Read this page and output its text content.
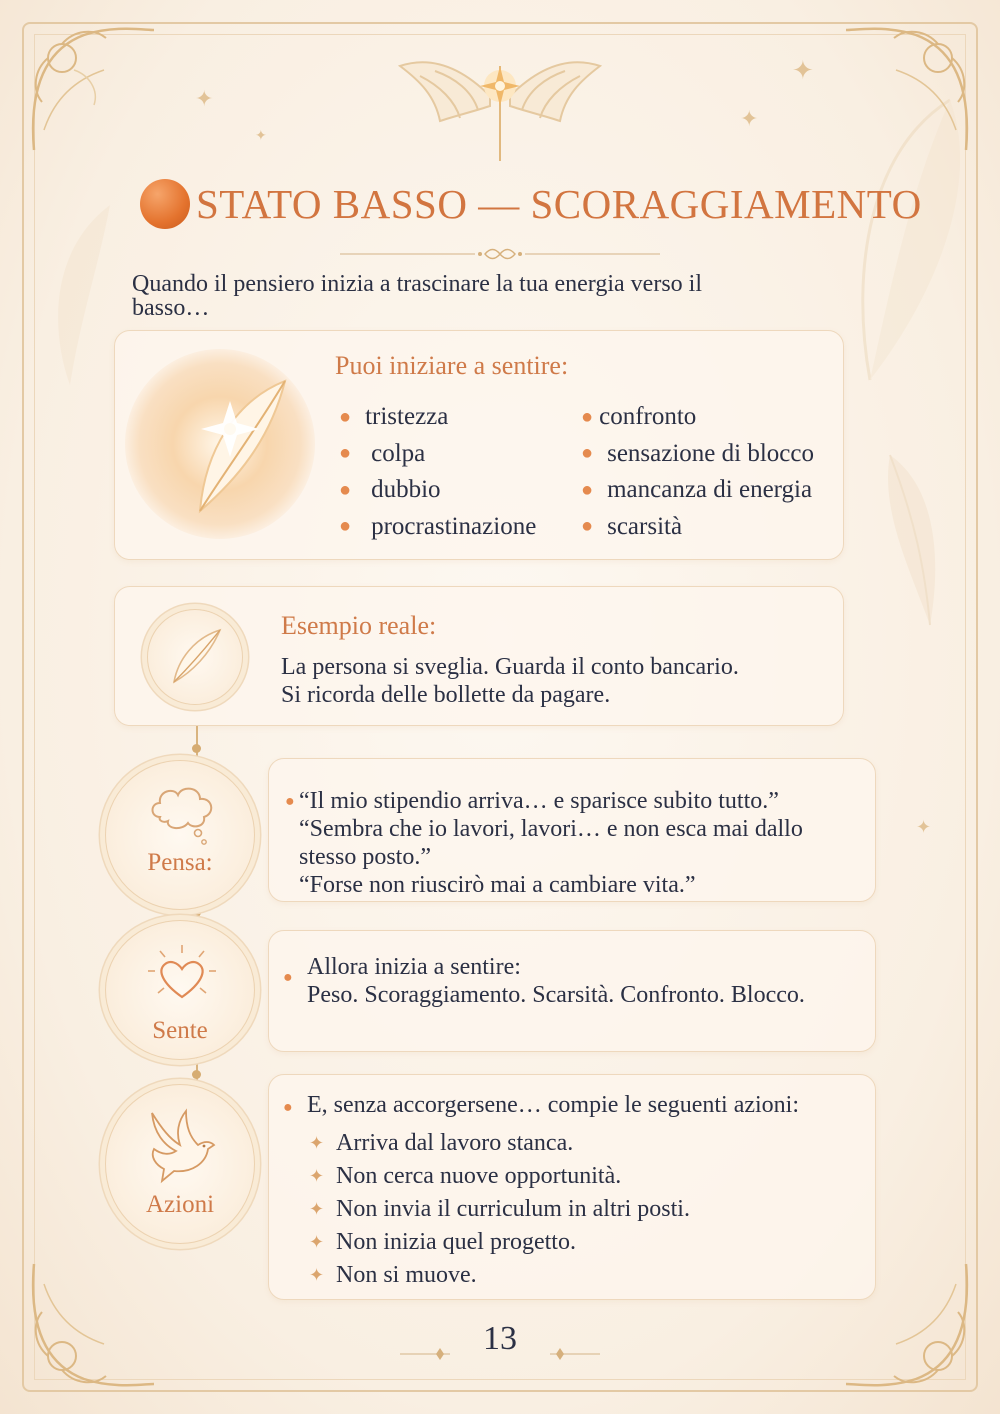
✦
✦
✦
✦
✦
STATO BASSO — SCORAGGIAMENTO
Quando il pensiero inizia a trascinare la tua energia verso il
basso…
Puoi iniziare a sentire:
● tristezza
● colpa
● dubbio
● procrastinazione
● confronto
● sensazione di blocco
● mancanza di energia
● scarsità
Esempio reale:
La persona si sveglia. Guarda il conto bancario.
Si ricorda delle bollette da pagare.
Pensa:
● “Il mio stipendio arriva… e sparisce subito tutto.”
“Sembra che io lavori, lavori… e non esca mai dallo
stesso posto.”
“Forse non riuscirò mai a cambiare vita.”
Sente
● Allora inizia a sentire:
Peso. Scoraggiamento. Scarsità. Confronto. Blocco.
Azioni
● E, senza accorgersene… compie le seguenti azioni:
✦ Arriva dal lavoro stanca.
✦ Non cerca nuove opportunità.
✦ Non invia il curriculum in altri posti.
✦ Non inizia quel progetto.
✦ Non si muove.
13
